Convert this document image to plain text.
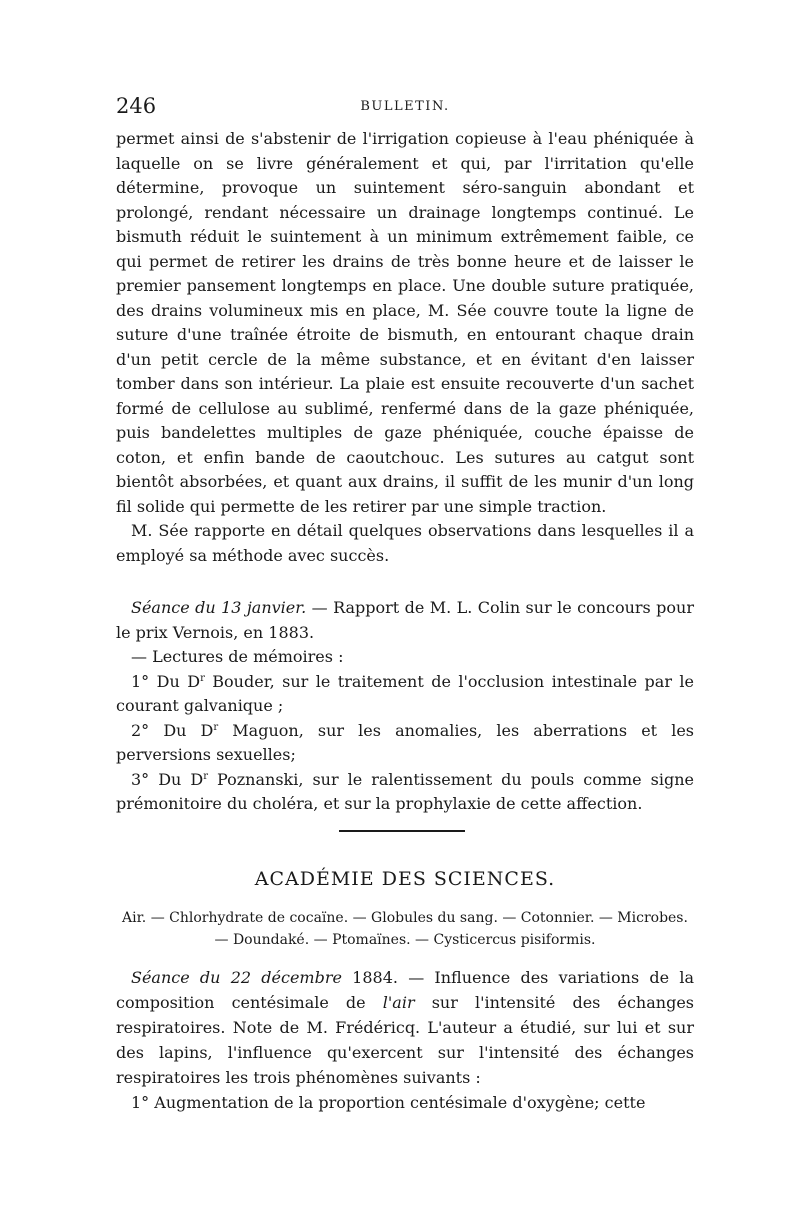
246	BULLETIN.

permet ainsi de s'abstenir de l'irrigation copieuse à l'eau phéniquée à laquelle on se livre généralement et qui, par l'irritation qu'elle détermine, provoque un suintement séro-sanguin abondant et prolongé, rendant nécessaire un drainage longtemps continué. Le bismuth réduit le suintement à un minimum extrêmement faible, ce qui permet de retirer les drains de très bonne heure et de laisser le premier pansement longtemps en place. Une double suture pratiquée, des drains volumineux mis en place, M. Sée couvre toute la ligne de suture d'une traînée étroite de bismuth, en entourant chaque drain d'un petit cercle de la même substance, et en évitant d'en laisser tomber dans son intérieur. La plaie est ensuite recouverte d'un sachet formé de cellulose au sublimé, renfermé dans de la gaze phéniquée, puis bandelettes multiples de gaze phéniquée, couche épaisse de coton, et enfin bande de caoutchouc. Les sutures au catgut sont bientôt absorbées, et quant aux drains, il suffit de les munir d'un long fil solide qui permette de les retirer par une simple traction.

M. Sée rapporte en détail quelques observations dans lesquelles il a employé sa méthode avec succès.

Séance du 13 janvier. — Rapport de M. L. Colin sur le concours pour le prix Vernois, en 1883.

— Lectures de mémoires :

1° Du $D^r$ Bouder, sur le traitement de l'occlusion intestinale par le courant galvanique ;

2° Du $D^r$ Maguon, sur les anomalies, les aberrations et les perversions sexuelles;

3° Du $D^r$ Poznanski, sur le ralentissement du pouls comme signe prémonitoire du choléra, et sur la prophylaxie de cette affection.

ACADÉMIE DES SCIENCES.
Air. — Chlorhydrate de cocaïne. — Globules du sang. — Cotonnier. — Microbes. — Doundaké. — Ptomaïnes. — Cysticercus pisiformis.

Séance du 22 décembre 1884. — Influence des variations de la composition centésimale de l'air sur l'intensité des échanges respiratoires. Note de M. Frédéricq. L'auteur a étudié, sur lui et sur des lapins, l'influence qu'exercent sur l'intensité des échanges respiratoires les trois phénomènes suivants :

1° Augmentation de la proportion centésimale d'oxygène; cette
